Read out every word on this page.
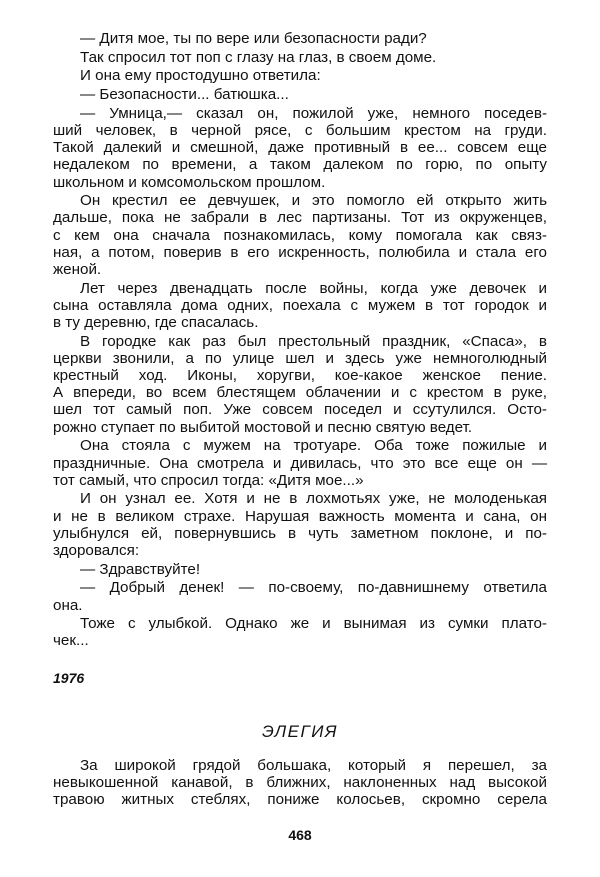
— Дитя мое, ты по вере или безопасности ради?
Так спросил тот поп с глазу на глаз, в своем доме.
И она ему простодушно ответила:
— Безопасности... батюшка...
— Умница,— сказал он, пожилой уже, немного поседев-
ший человек, в черной рясе, с большим крестом на груди.
Такой далекий и смешной, даже противный в ее... совсем еще
недалеком по времени, а таком далеком по горю, по опыту
школьном и комсомольском прошлом.
Он крестил ее девчушек, и это помогло ей открыто жить
дальше, пока не забрали в лес партизаны. Тот из окруженцев,
с кем она сначала познакомилась, кому помогала как связ-
ная, а потом, поверив в его искренность, полюбила и стала его
женой.
Лет через двенадцать после войны, когда уже девочек и
сына оставляла дома одних, поехала с мужем в тот городок и
в ту деревню, где спасалась.
В городке как раз был престольный праздник, «Спаса», в
церкви звонили, а по улице шел и здесь уже немноголюдный
крестный ход. Иконы, хоругви, кое-какое женское пение.
А впереди, во всем блестящем облачении и с крестом в руке,
шел тот самый поп. Уже совсем поседел и ссутулился. Осто-
рожно ступает по выбитой мостовой и песню святую ведет.
Она стояла с мужем на тротуаре. Оба тоже пожилые и
праздничные. Она смотрела и дивилась, что это все еще он —
тот самый, что спросил тогда: «Дитя мое...»
И он узнал ее. Хотя и не в лохмотьях уже, не молоденькая
и не в великом страхе. Нарушая важность момента и сана, он
улыбнулся ей, повернувшись в чуть заметном поклоне, и по-
здоровался:
— Здравствуйте!
— Добрый денек! — по-своему, по-давнишнему ответила
она.
Тоже с улыбкой. Однако же и вынимая из сумки плато-
чек...
1976
ЭЛЕГИЯ
За широкой грядой большака, который я перешел, за
невыкошенной канавой, в ближних, наклоненных над высокой
травою житных стеблях, пониже колосьев, скромно серела
468
